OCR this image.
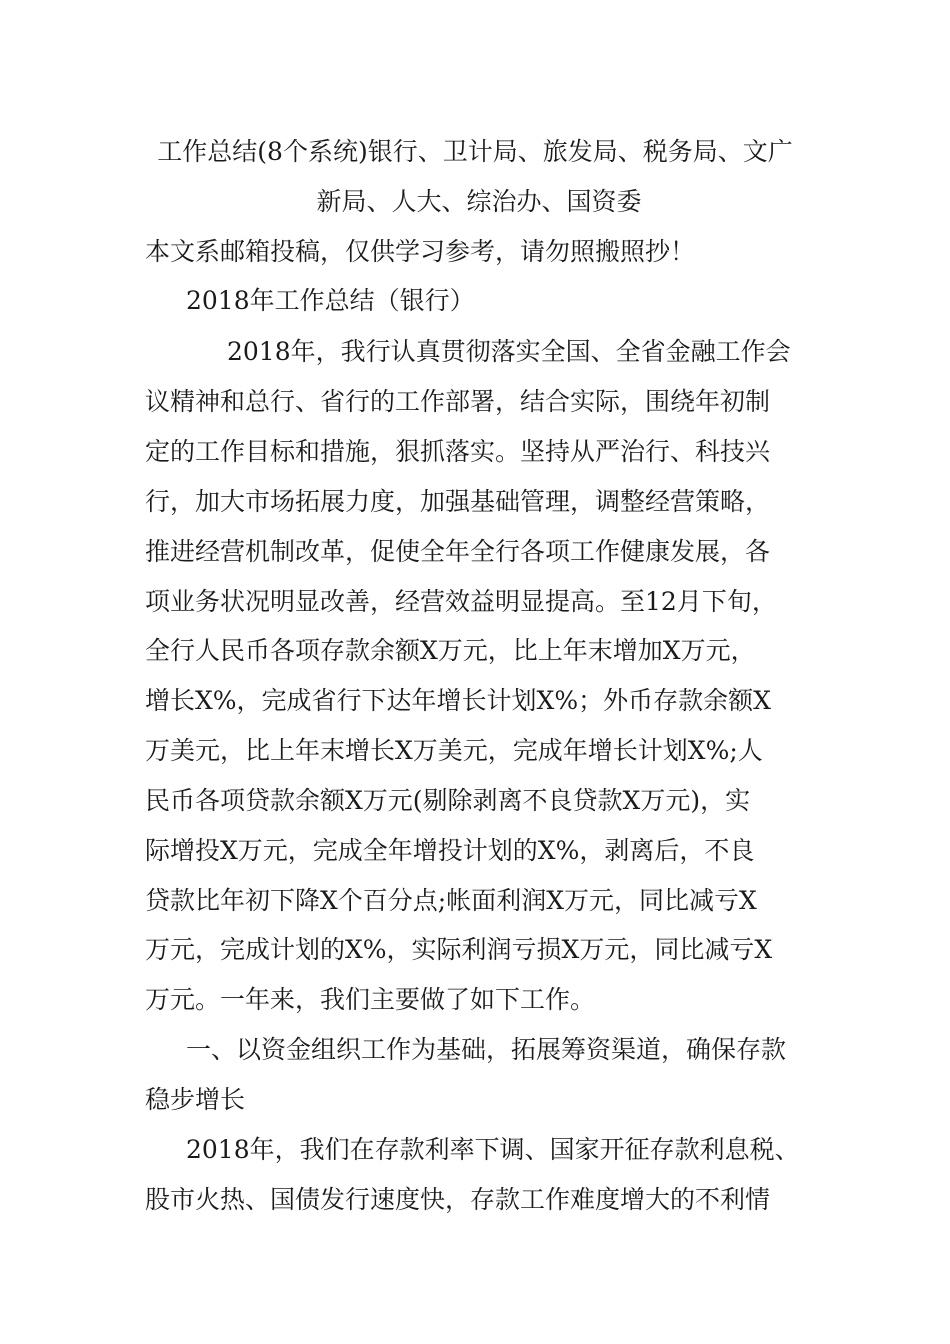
工作总结(8个系统)银行、卫计局、旅发局、税务局、文广
新局、人大、综治办、国资委
本文系邮箱投稿，仅供学习参考，请勿照搬照抄！
2018年工作总结（银行）
2018年，我行认真贯彻落实全国、全省金融工作会
议精神和总行、省行的工作部署，结合实际，围绕年初制
定的工作目标和措施，狠抓落实。坚持从严治行、科技兴
行，加大市场拓展力度，加强基础管理，调整经营策略，
推进经营机制改革，促使全年全行各项工作健康发展，各
项业务状况明显改善，经营效益明显提高。至12月下旬，
全行人民币各项存款余额X万元，比上年末增加X万元，
增长X%，完成省行下达年增长计划X%；外币存款余额X
万美元，比上年末增长X万美元，完成年增长计划X%;人
民币各项贷款余额X万元(剔除剥离不良贷款X万元)，实
际增投X万元，完成全年增投计划的X%，剥离后，不良
贷款比年初下降X个百分点;帐面利润X万元，同比减亏X
万元，完成计划的X%，实际利润亏损X万元，同比减亏X
万元。一年来，我们主要做了如下工作。
一、以资金组织工作为基础，拓展筹资渠道，确保存款
稳步增长
2018年，我们在存款利率下调、国家开征存款利息税、
股市火热、国债发行速度快，存款工作难度增大的不利情
